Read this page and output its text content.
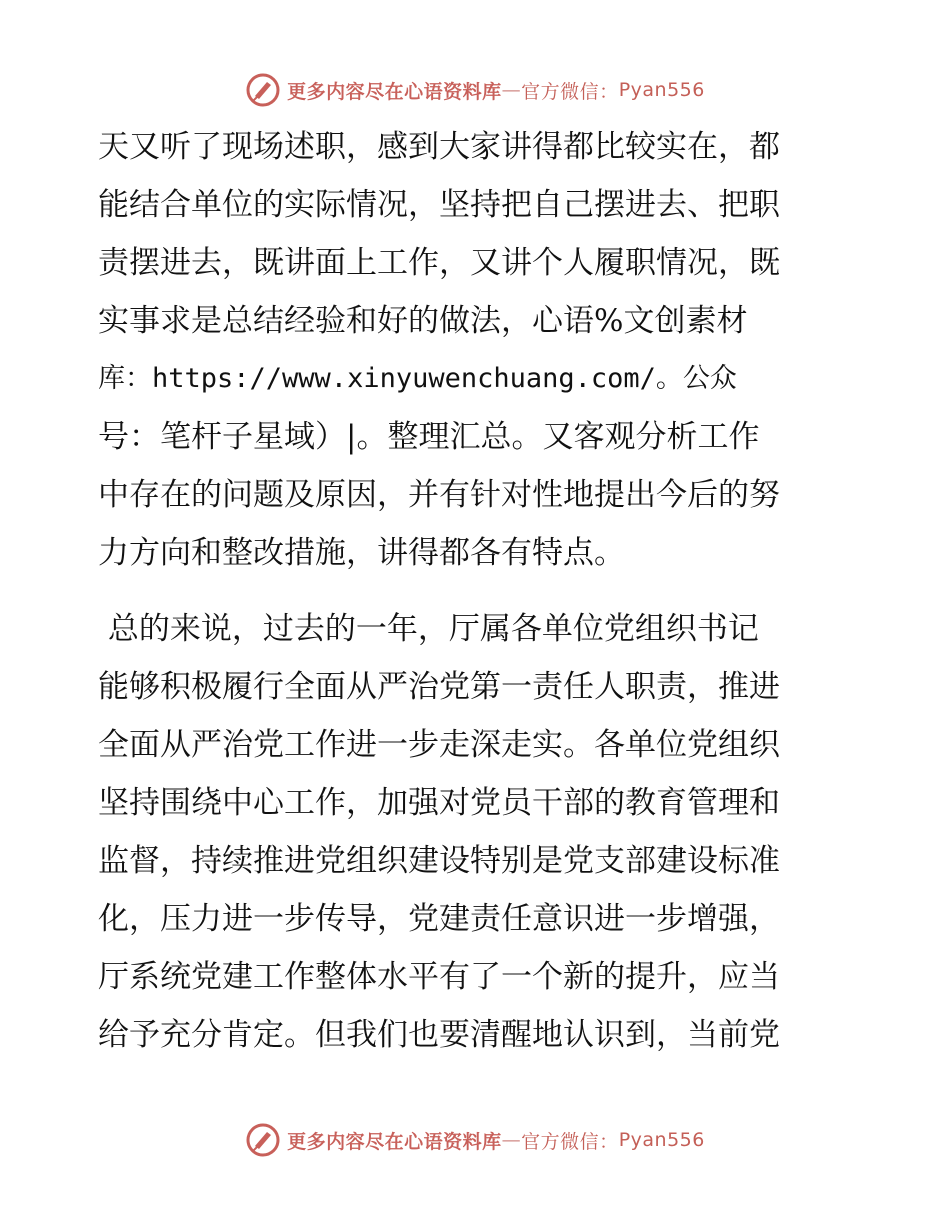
更多内容尽在心语资料库 — 官方微信： Pyan556
天又听了现场述职，感到大家讲得都比较实在，都
能结合单位的实际情况，坚持把自己摆进去、把职
责摆进去，既讲面上工作，又讲个人履职情况，既
实事求是总结经验和好的做法，心语%文创素材
库：https://www.xinyuwenchuang.com/。公众
号：笔杆子星域）|。整理汇总。又客观分析工作
中存在的问题及原因，并有针对性地提出今后的努
力方向和整改措施，讲得都各有特点。
总的来说，过去的一年，厅属各单位党组织书记
能够积极履行全面从严治党第一责任人职责，推进
全面从严治党工作进一步走深走实。各单位党组织
坚持围绕中心工作，加强对党员干部的教育管理和
监督，持续推进党组织建设特别是党支部建设标准
化，压力进一步传导，党建责任意识进一步增强，
厅系统党建工作整体水平有了一个新的提升，应当
给予充分肯定。但我们也要清醒地认识到，当前党
更多内容尽在心语资料库 — 官方微信： Pyan556
